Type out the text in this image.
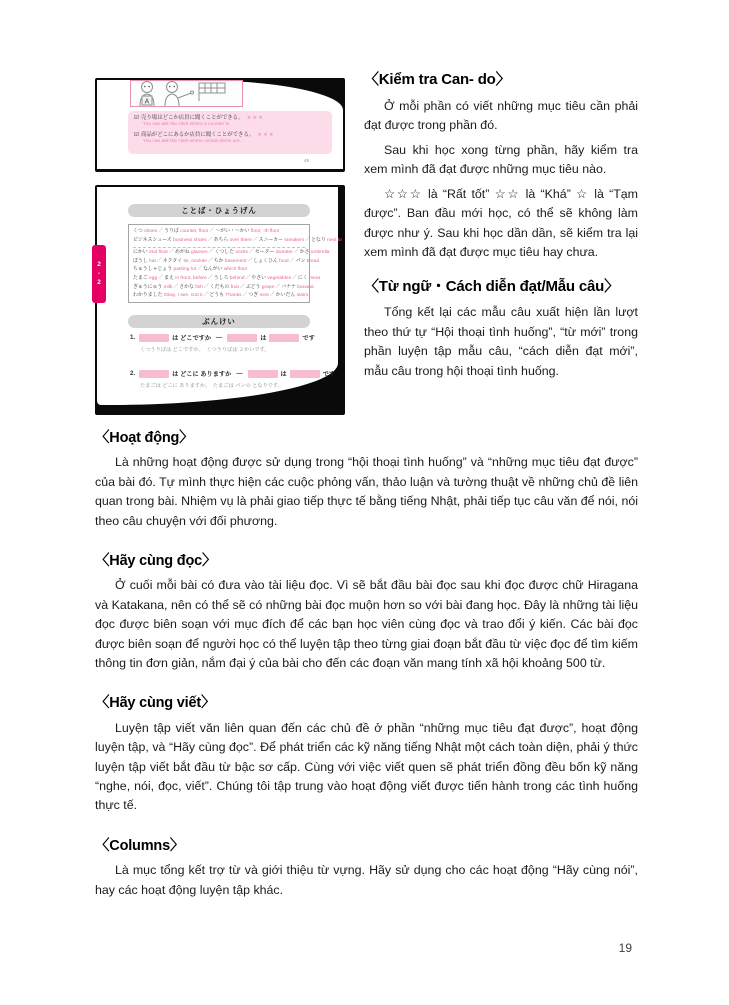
A
☑ 売り場はどこか店員に聞くことができる。 ★★★
You can ask the clerk where a counter is.
☑ 商品がどこにあるか店員に聞くことができる。 ★★★
You can ask the clerk where certain items are.
49
ことば・ひょうげん
くつ shoes／うりば counter, floor／～がい・～かい floor, -th floor
ビジネスシューズ business shoes／あちら over there／スニーカー sneakers／となり next to
にかい 2nd floor／めがね glasses／くつした socks／セーター sweater／かさ umbrella
ぼうし hat／ネクタイ tie, necktie／ちか basement／しょくひん food／パン bread
ちゅうしゃじょう parking lot／なんがい which floor
たまご egg／まえ in front, before／うしろ behind／やさい vegetables／にく meat
ぎゅうにゅう milk／さかな fish／くだもの fruit／ぶどう grape／バナナ banana
わかりました Okay, I see, Got it／どうも Thanks／つぎ next／かいだん stairs
2-2
ぶんけい
1.	は どこですか —	は	です
くつうりばは どこですか。　くつうりばは ２かいです。
2.	は どこに ありますか —	は	です
たまごは どこに ありますか。　たまごは パンの となりです。
〈Kiểm tra Can- do〉

Ở mỗi phần có viết những mục tiêu cần phải đạt được trong phần đó.

Sau khi học xong từng phần, hãy kiểm tra xem mình đã đạt được những mục tiêu nào.

☆☆☆ là “Rất tốt” ☆☆ là “Khá” ☆ là “Tạm được”. Ban đầu mới học, có thể sẽ không làm được như ý. Sau khi học dần dần, sẽ kiểm tra lại xem mình đã đạt được mục tiêu hay chưa.

〈Từ ngữ・Cách diễn đạt/Mẫu câu〉

Tổng kết lại các mẫu câu xuất hiện lần lượt theo thứ tự “Hội thoại tình huống”, “từ mới” trong phần luyện tập mẫu câu, “cách diễn đạt mới”, mẫu câu trong hội thoại tình huống.

〈Hoạt động〉

Là những hoạt động được sử dụng trong “hội thoại tình huống” và “những mục tiêu đạt được” của bài đó. Tự mình thực hiện các cuộc phỏng vấn, thảo luận và tường thuật về những chủ đề liên quan trong bài. Nhiệm vụ là phải giao tiếp thực tế bằng tiếng Nhật, phải tiếp tục câu văn để nói, nói theo câu chuyện với đối phương.

〈Hãy cùng đọc〉

Ở cuối mỗi bài có đưa vào tài liệu đọc. Vì sẽ bắt đầu bài đọc sau khi đọc được chữ Hiragana và Katakana, nên có thể sẽ có những bài đọc muộn hơn so với bài đang học. Đây là những tài liệu đọc được biên soạn với mục đích để các bạn học viên cùng đọc và trao đổi ý kiến. Các bài đọc được biên soạn để người học có thể luyện tập theo từng giai đoạn bắt đầu từ việc đọc để tìm kiếm thông tin đơn giản, nắm đại ý của bài cho đến các đoạn văn mang tính xã hội khoảng 500 từ.

〈Hãy cùng viết〉

Luyện tập viết văn liên quan đến các chủ đề ở phần “những mục tiêu đạt được”, hoạt động luyện tập, và “Hãy cùng đọc”. Để phát triển các kỹ năng tiếng Nhật một cách toàn diện, phải ý thức luyện tập viết bắt đầu từ bậc sơ cấp. Cùng với việc viết quen sẽ phát triển đồng đều bốn kỹ năng “nghe, nói, đọc, viết”. Chúng tôi tập trung vào hoạt động viết được tiến hành trong các tình huống thực tế.

〈Columns〉

Là mục tổng kết trợ từ và giới thiệu từ vựng. Hãy sử dụng cho các hoạt động “Hãy cùng nói”, hay các hoạt động luyện tập khác.

19
